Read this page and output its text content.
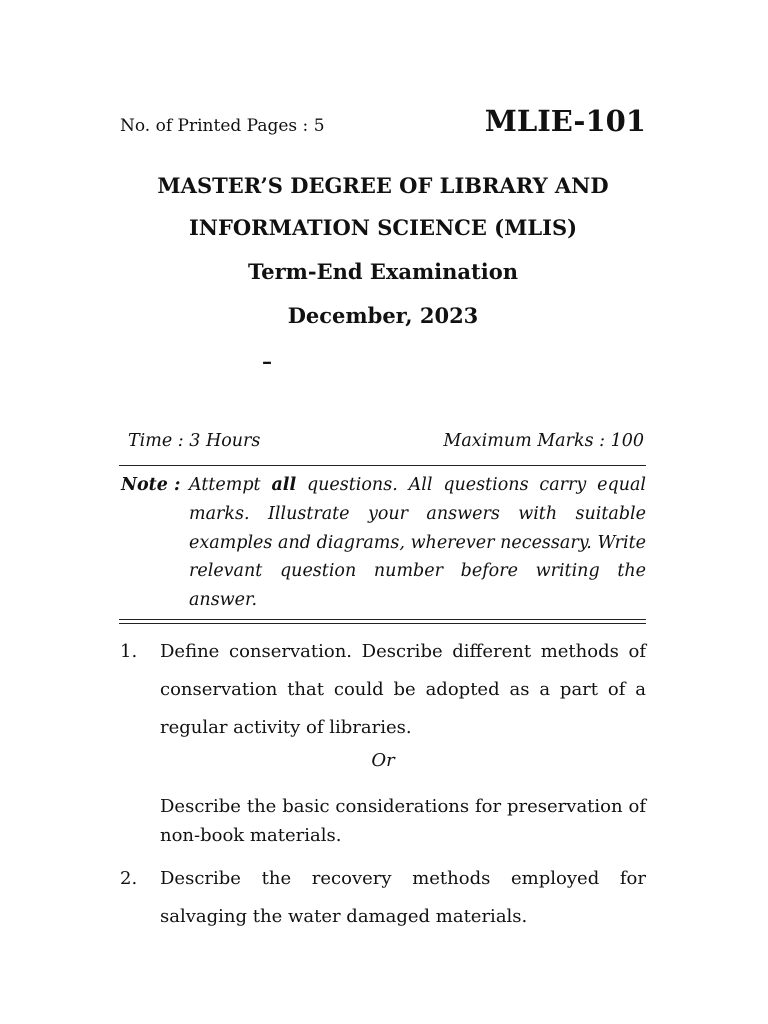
No. of Printed Pages : 5	MLIE-101
MASTER’S DEGREE OF LIBRARY AND
INFORMATION SCIENCE (MLIS)
Term-End Examination
December, 2023
–
Time : 3 Hours	Maximum Marks : 100
Note : Attempt all questions. All questions carry equal marks. Illustrate your answers with suitable examples and diagrams, wherever necessary. Write relevant question number before writing the answer.
1. Define conservation. Describe different methods of conservation that could be adopted as a part of a regular activity of libraries.
Or
Describe the basic considerations for preservation of non-book materials.
2. Describe the recovery methods employed for salvaging the water damaged materials.
